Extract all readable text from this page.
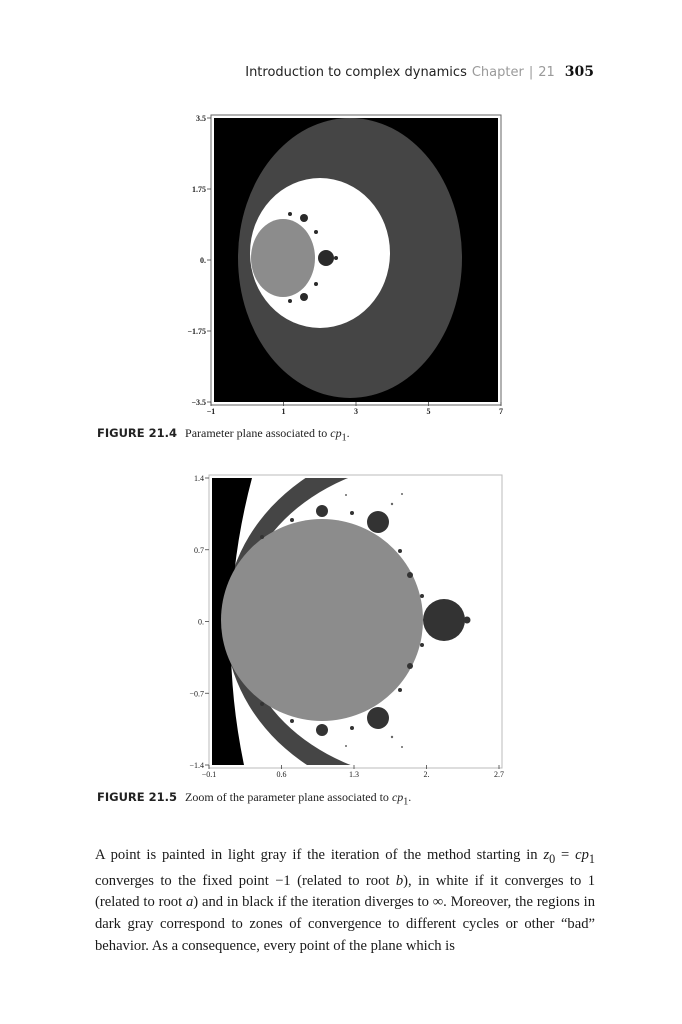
Introduction to complex dynamics Chapter | 21 305
−1	1	3	5	7
3.5
1.75
0.
−1.75
−3.5
FIGURE 21.4 Parameter plane associated to $cp_1$.
−0.1	0.6	1.3	2.	2.7
1.4
0.7
0.
−0.7
−1.4
FIGURE 21.5 Zoom of the parameter plane associated to $cp_1$.

A point is painted in light gray if the iteration of the method starting in $z_0 = cp_1$ converges to the fixed point −1 (related to root b), in white if it converges to 1 (related to root a) and in black if the iteration diverges to ∞. Moreover, the regions in dark gray correspond to zones of convergence to different cycles or other “bad” behavior. As a consequence, every point of the plane which is
